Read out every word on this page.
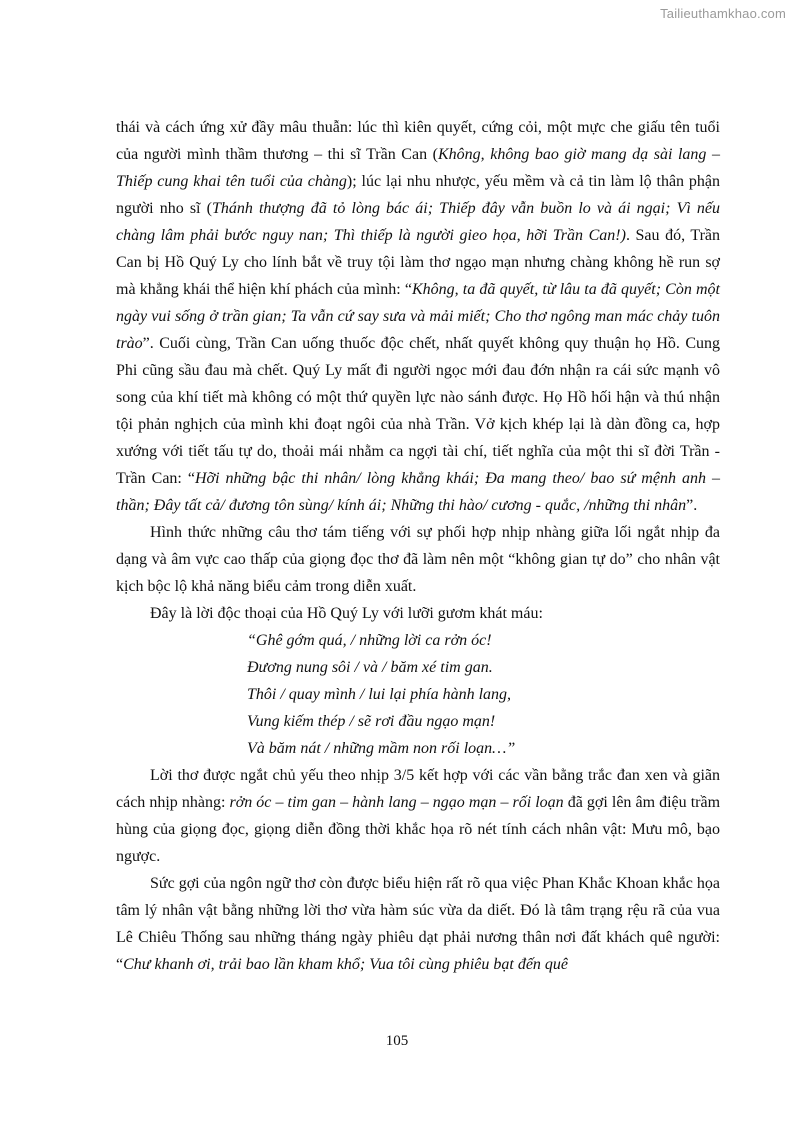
Tailieuthamkhao.com

thái và cách ứng xử đầy mâu thuẫn: lúc thì kiên quyết, cứng cỏi, một mực che giấu tên tuổi của người mình thầm thương – thi sĩ Trần Can (Không, không bao giờ mang dạ sài lang – Thiếp cung khai tên tuổi của chàng); lúc lại nhu nhược, yếu mềm và cả tin làm lộ thân phận người nho sĩ (Thánh thượng đã tỏ lòng bác ái; Thiếp đây vẫn buồn lo và ái ngại; Vì nếu chàng lâm phải bước nguy nan; Thì thiếp là người gieo họa, hỡi Trần Can!). Sau đó, Trần Can bị Hồ Quý Ly cho lính bắt về truy tội làm thơ ngạo mạn nhưng chàng không hề run sợ mà khẳng khái thể hiện khí phách của mình: “Không, ta đã quyết, từ lâu ta đã quyết; Còn một ngày vui sống ở trần gian; Ta vẫn cứ say sưa và mải miết; Cho thơ ngông man mác chảy tuôn trào”. Cuối cùng, Trần Can uống thuốc độc chết, nhất quyết không quy thuận họ Hồ. Cung Phi cũng sầu đau mà chết. Quý Ly mất đi người ngọc mới đau đớn nhận ra cái sức mạnh vô song của khí tiết mà không có một thứ quyền lực nào sánh được. Họ Hồ hối hận và thú nhận tội phản nghịch của mình khi đoạt ngôi của nhà Trần. Vở kịch khép lại là dàn đồng ca, hợp xướng với tiết tấu tự do, thoải mái nhằm ca ngợi tài chí, tiết nghĩa của một thi sĩ đời Trần - Trần Can: “Hỡi những bậc thi nhân/ lòng khẳng khái; Đa mang theo/ bao sứ mệnh anh – thần; Đây tất cả/ đương tôn sùng/ kính ái; Những thi hào/ cương - quắc, /những thi nhân”.

Hình thức những câu thơ tám tiếng với sự phối hợp nhịp nhàng giữa lối ngắt nhịp đa dạng và âm vực cao thấp của giọng đọc thơ đã làm nên một “không gian tự do” cho nhân vật kịch bộc lộ khả năng biểu cảm trong diễn xuất.

Đây là lời độc thoại của Hồ Quý Ly với lưỡi gươm khát máu:

“Ghê gớm quá, / những lời ca rởn óc!
Đương nung sôi / và / băm xé tim gan.
Thôi / quay mình / lui lại phía hành lang,
Vung kiếm thép / sẽ rơi đầu ngạo mạn!
Và băm nát / những mầm non rối loạn…”

Lời thơ được ngắt chủ yếu theo nhịp 3/5 kết hợp với các vần bằng trắc đan xen và giãn cách nhịp nhàng: rởn óc – tim gan – hành lang – ngạo mạn – rối loạn đã gợi lên âm điệu trầm hùng của giọng đọc, giọng diễn đồng thời khắc họa rõ nét tính cách nhân vật: Mưu mô, bạo ngược.

Sức gợi của ngôn ngữ thơ còn được biểu hiện rất rõ qua việc Phan Khắc Khoan khắc họa tâm lý nhân vật bằng những lời thơ vừa hàm súc vừa da diết. Đó là tâm trạng rệu rã của vua Lê Chiêu Thống sau những tháng ngày phiêu dạt phải nương thân nơi đất khách quê người: “Chư khanh ơi, trải bao lần kham khổ; Vua tôi cùng phiêu bạt đến quê

105
